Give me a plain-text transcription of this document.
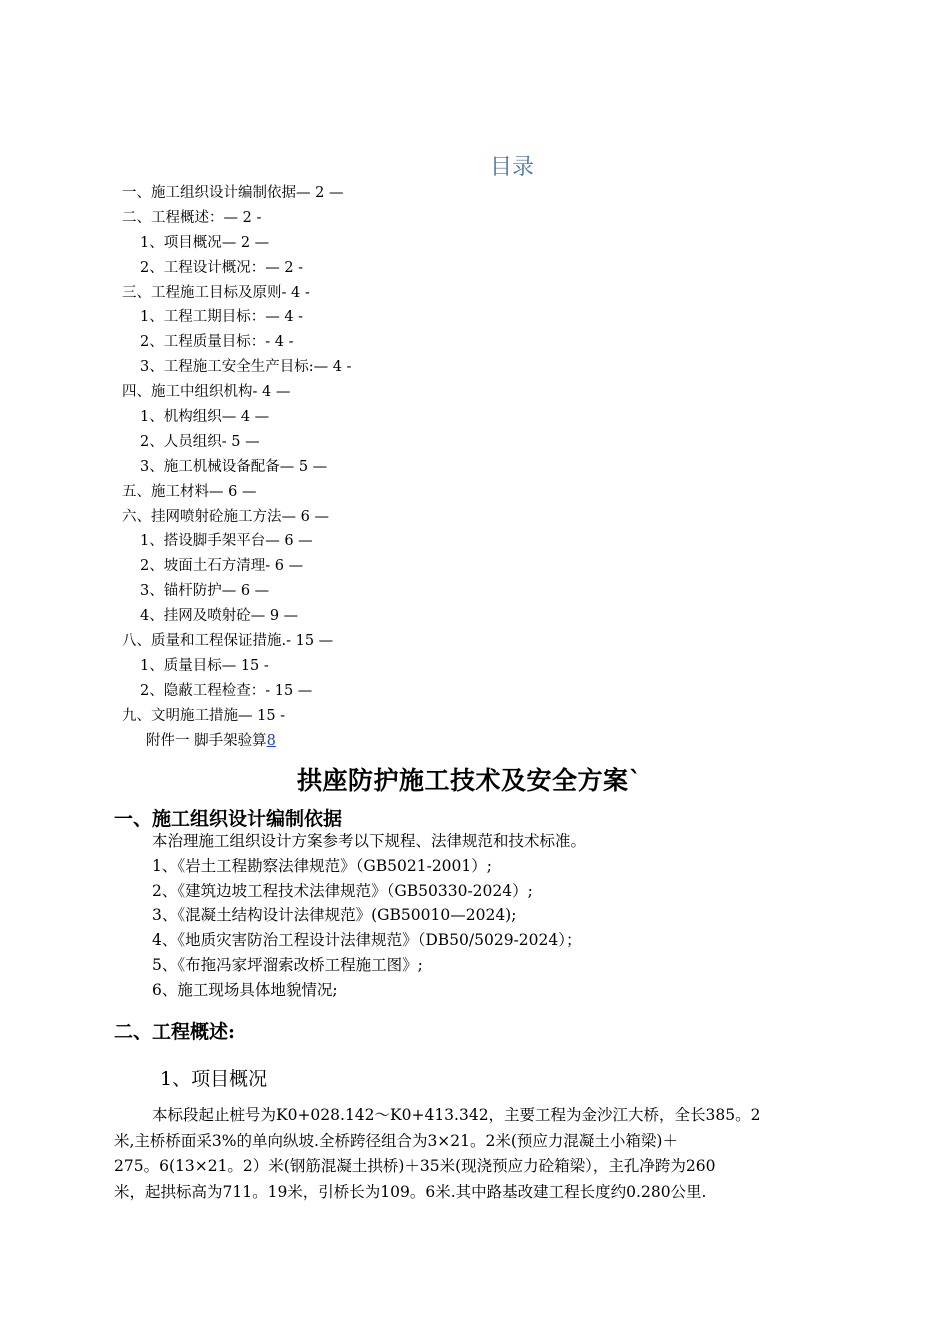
目录
一、施工组织设计编制依据— 2 —
二、工程概述：— 2 -
1、项目概况— 2 —
2、工程设计概况：— 2 -
三、工程施工目标及原则- 4 -
1、工程工期目标：— 4 -
2、工程质量目标：- 4 -
3、工程施工安全生产目标:— 4 -
四、施工中组织机构- 4 —
1、机构组织— 4 —
2、人员组织- 5 —
3、施工机械设备配备— 5 —
五、施工材料— 6 —
六、挂网喷射砼施工方法— 6 —
1、搭设脚手架平台— 6 —
2、坡面土石方清理- 6 —
3、锚杆防护— 6 —
4、挂网及喷射砼— 9 —
八、质量和工程保证措施.- 15 —
1、质量目标— 15 -
2、隐蔽工程检查：- 15 —
九、文明施工措施— 15 -
附件一 脚手架验算8
拱座防护施工技术及安全方案`
一、施工组织设计编制依据
本治理施工组织设计方案参考以下规程、法律规范和技术标准。
1、《岩土工程勘察法律规范》（GB5021-2001）;
2、《建筑边坡工程技术法律规范》（GB50330-2024）;
3、《混凝土结构设计法律规范》(GB50010—2024);
4、《地质灾害防治工程设计法律规范》（DB50/5029-2024）；
5、《布拖冯家坪溜索改桥工程施工图》;
6、施工现场具体地貌情况;
二、工程概述:
1、项目概况
本标段起止桩号为K0+028.142～K0+413.342，主要工程为金沙江大桥，全长385。2
米,主桥桥面采3%的单向纵坡.全桥跨径组合为3×21。2米(预应力混凝土小箱梁)＋
275。6(13×21。2）米(钢筋混凝土拱桥)＋35米(现浇预应力砼箱梁），主孔净跨为260
米，起拱标高为711。19米，引桥长为109。6米.其中路基改建工程长度约0.280公里.
